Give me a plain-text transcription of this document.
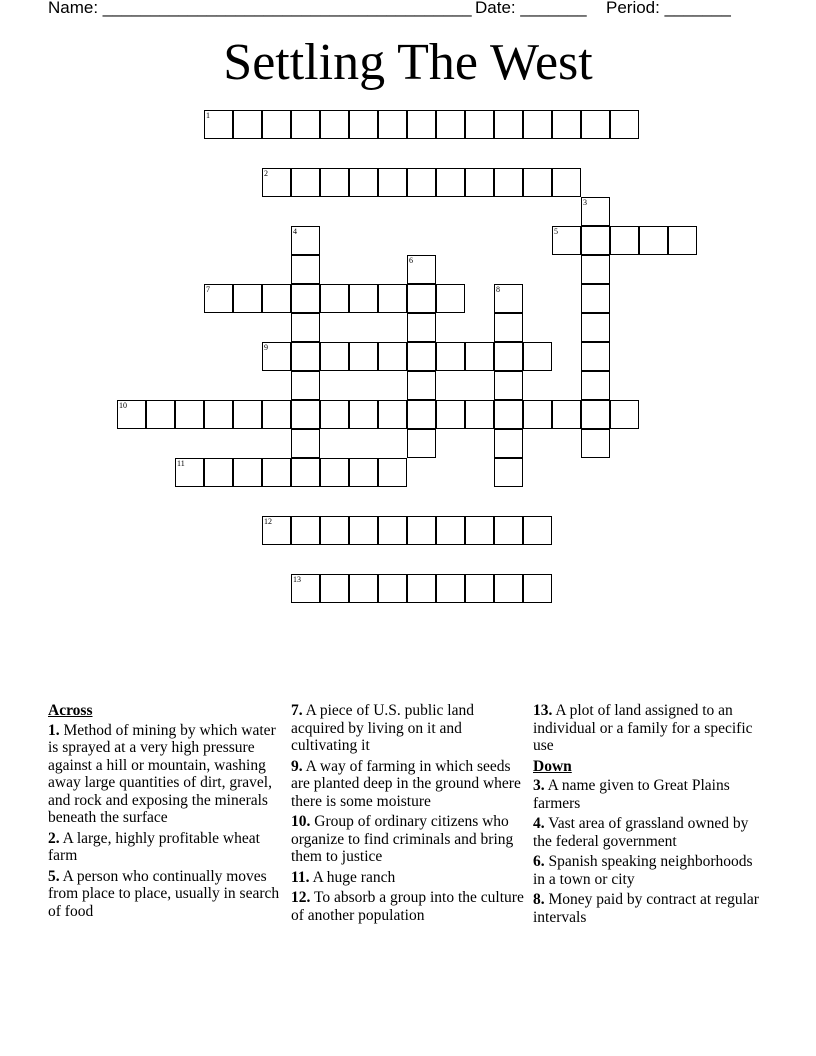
Name: _______________________________________ Date: _______ Period: _______
Settling The West
1
2
5
7
9
10
11
12
13
3
4
6
8
Across
1. Method of mining by which water is sprayed at a very high pressure against a hill or mountain, washing away large quantities of dirt, gravel, and rock and exposing the minerals beneath the surface
2. A large, highly profitable wheat farm
5. A person who continually moves from place to place, usually in search of food
7. A piece of U.S. public land acquired by living on it and cultivating it
9. A way of farming in which seeds are planted deep in the ground where there is some moisture
10. Group of ordinary citizens who organize to find criminals and bring them to justice
11. A huge ranch
12. To absorb a group into the culture of another population
13. A plot of land assigned to an individual or a family for a specific use
Down
3. A name given to Great Plains farmers
4. Vast area of grassland owned by the federal government
6. Spanish speaking neighborhoods in a town or city
8. Money paid by contract at regular intervals
